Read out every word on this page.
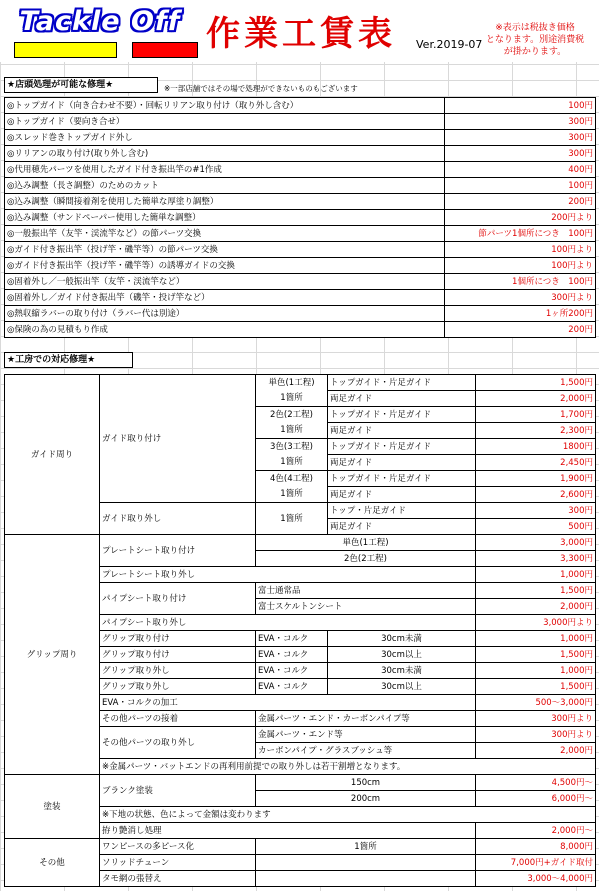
Tackle Off 作業工賃表 Ver.2019-07
※表示は税抜き価格
となります。別途消費税
が掛かります。
★店頭処理が可能な修理★	※一部店舗ではその場で処理ができないものもございます
◎トップガイド（向き合わせ不要）・回転リリアン取り付け（取り外し含む）	100円
◎トップガイド（要向き合せ）	300円
◎スレッド巻きトップガイド外し	300円
◎リリアンの取り付け(取り外し含む)	300円
◎代用穂先パーツを使用したガイド付き振出竿の#1作成	400円
◎込み調整（長さ調整）のためのカット	100円
◎込み調整（瞬間接着剤を使用した簡単な厚塗り調整）	200円
◎込み調整（サンドペーパー使用した簡単な調整）	200円より
◎一般振出竿（友竿・渓流竿など）の節パーツ交換	節パーツ1個所につき　100円
◎ガイド付き振出竿（投げ竿・磯竿等）の節パーツ交換	100円より
◎ガイド付き振出竿（投げ竿・磯竿等）の誘導ガイドの交換	100円より
◎固着外し／一般振出竿（友竿・渓流竿など）	1個所につき　100円
◎固着外し／ガイド付き振出竿（磯竿・投げ竿など）	300円より
◎熱収縮ラバーの取り付け（ラバー代は別途）	1ヶ所200円
◎保険の為の見積もり作成	200円
★工房での対応修理★
ガイド周り	ガイド取り付け	単色(1工程)	トップガイド・片足ガイド	1,500円
		1箇所	両足ガイド	2,000円
		2色(2工程)	トップガイド・片足ガイド	1,700円
		1箇所	両足ガイド	2,300円
		3色(3工程)	トップガイド・片足ガイド	1800円
		1箇所	両足ガイド	2,450円
		4色(4工程)	トップガイド・片足ガイド	1,900円
		1箇所	両足ガイド	2,600円
	ガイド取り外し	1箇所	トップ・片足ガイド	300円
			両足ガイド	500円
グリップ周り	プレートシート取り付け	単色(1工程)		3,000円
		2色(2工程)		3,300円
	プレートシート取り外し			1,000円
	パイプシート取り付け	富士通常品		1,500円
		富士スケルトンシート		2,000円
	パイプシート取り外し			3,000円より
	グリップ取り付け	EVA・コルク	30cm未満	1,000円
	グリップ取り付け	EVA・コルク	30cm以上	1,500円
	グリップ取り外し	EVA・コルク	30cm未満	1,000円
	グリップ取り外し	EVA・コルク	30cm以上	1,500円
	EVA・コルクの加工			500〜3,000円
	その他パーツの接着	金属パーツ・エンド・カーボンパイプ等		300円より
	その他パーツの取り外し	金属パーツ・エンド等		300円より
		カーボンパイプ・グラスブッシュ等		2,000円
	※金属パーツ・バットエンドの再利用前提での取り外しは若干割増となります。			
塗装	ブランク塗装	150cm		4,500円〜
		200cm		6,000円〜
	※下地の状態、色によって金額は変わります			
	拵り艶消し処理			2,000円〜
その他	ワンピースの多ピース化	1箇所		8,000円
	ソリッドチューン			7,000円+ガイド取付
	タモ網の張替え			3,000〜4,000円
